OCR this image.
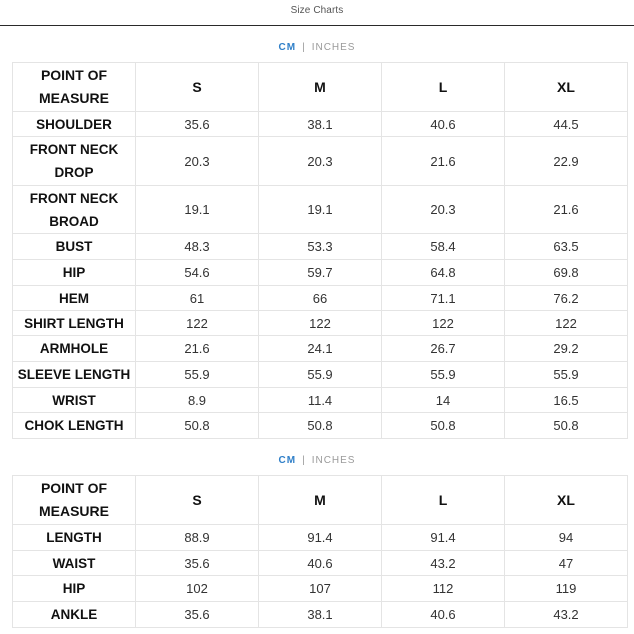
Size Charts
CM | INCHES
POINT OF MEASURE	S	M	L	XL
SHOULDER	35.6	38.1	40.6	44.5
FRONT NECK DROP	20.3	20.3	21.6	22.9
FRONT NECK BROAD	19.1	19.1	20.3	21.6
BUST	48.3	53.3	58.4	63.5
HIP	54.6	59.7	64.8	69.8
HEM	61	66	71.1	76.2
SHIRT LENGTH	122	122	122	122
ARMHOLE	21.6	24.1	26.7	29.2
SLEEVE LENGTH	55.9	55.9	55.9	55.9
WRIST	8.9	11.4	14	16.5
CHOK LENGTH	50.8	50.8	50.8	50.8
CM | INCHES
POINT OF MEASURE	S	M	L	XL
LENGTH	88.9	91.4	91.4	94
WAIST	35.6	40.6	43.2	47
HIP	102	107	112	119
ANKLE	35.6	38.1	40.6	43.2
